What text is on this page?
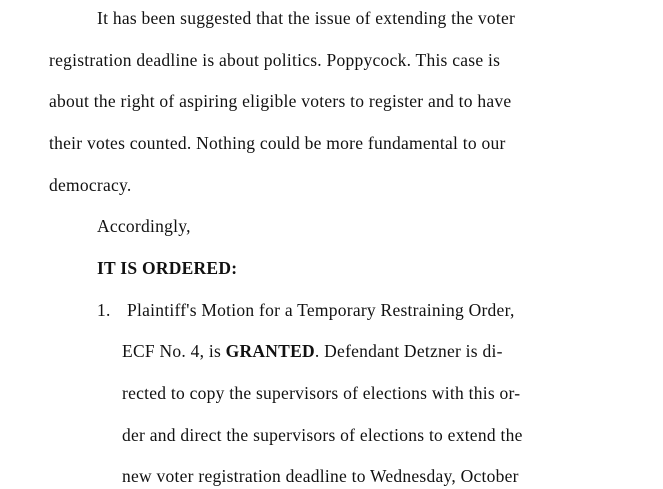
It has been suggested that the issue of extending the voter
registration deadline is about politics. Poppycock. This case is
about the right of aspiring eligible voters to register and to have
their votes counted. Nothing could be more fundamental to our
democracy.
Accordingly,
IT IS ORDERED:
1. Plaintiff's Motion for a Temporary Restraining Order,
ECF No. 4, is GRANTED. Defendant Detzner is di-
rected to copy the supervisors of elections with this or-
der and direct the supervisors of elections to extend the
new voter registration deadline to Wednesday, October
